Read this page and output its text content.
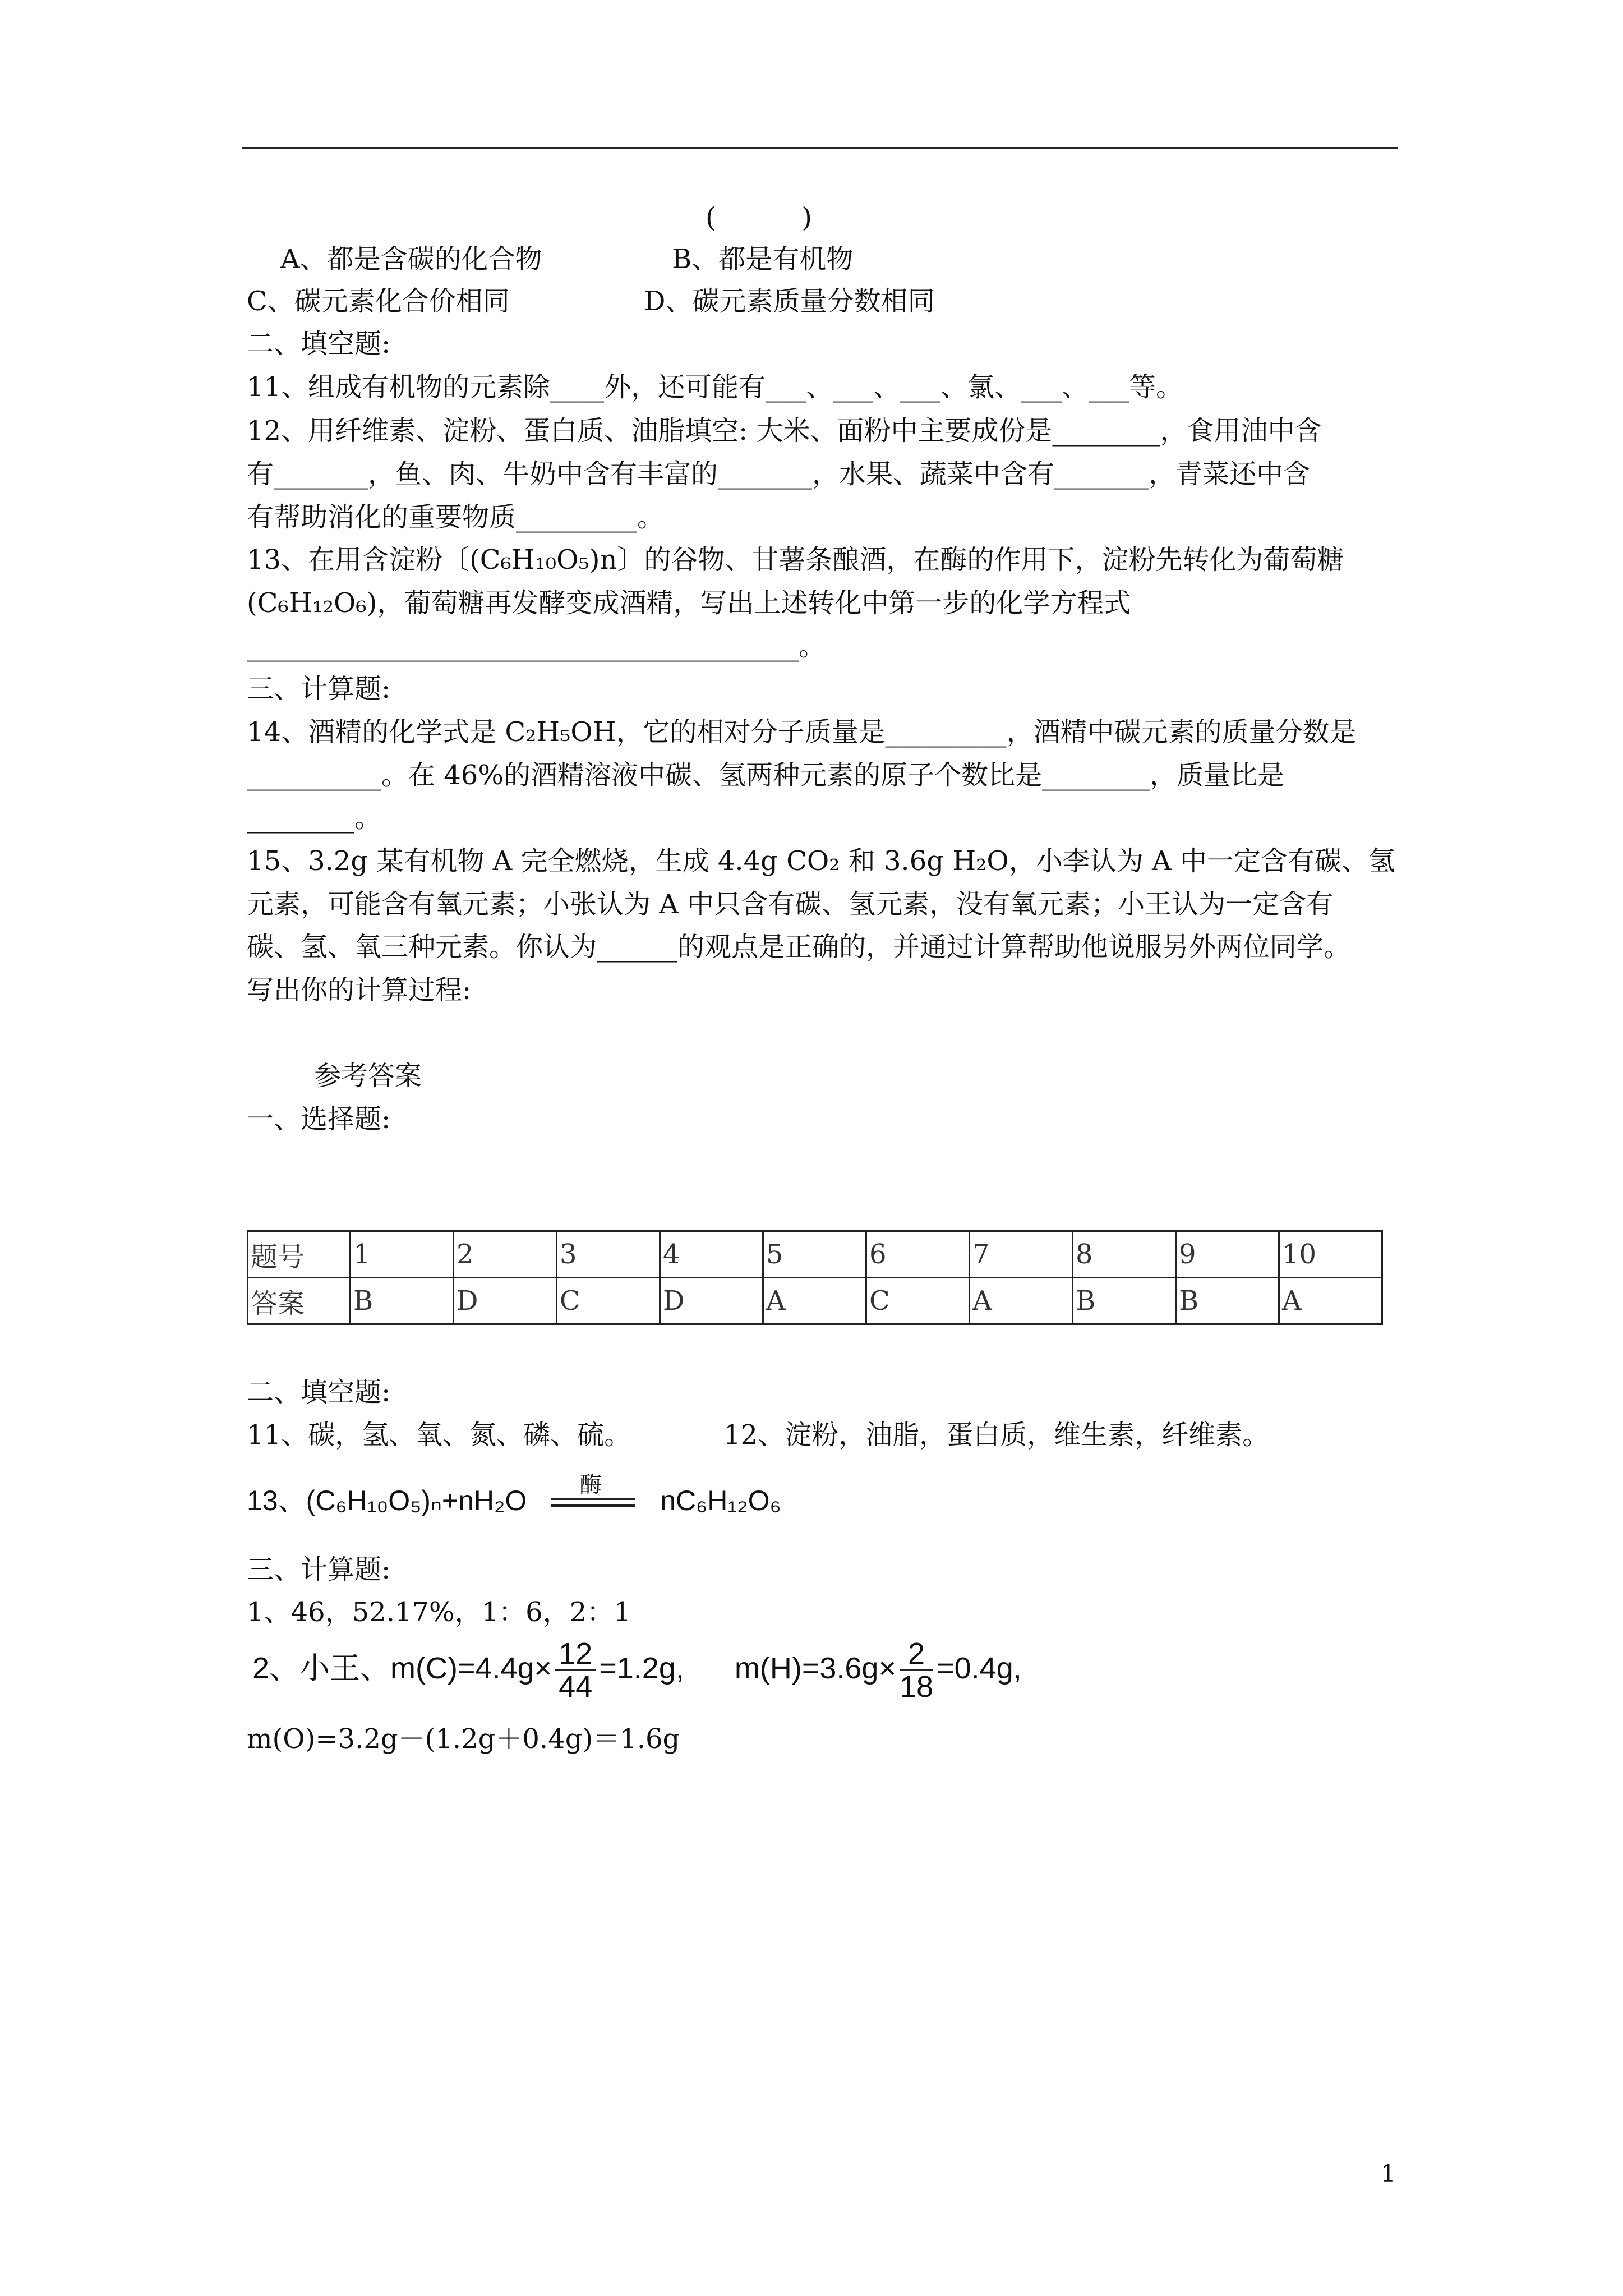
(          )
A、都是含碳的化合物	B、都是有机物
C、碳元素化合价相同	D、碳元素质量分数相同
二、填空题:
11、组成有机物的元素除____外，还可能有___、___、___、氯、___、___等。
12、用纤维素、淀粉、蛋白质、油脂填空: 大米、面粉中主要成份是________，食用油中含
有_______，鱼、肉、牛奶中含有丰富的_______，水果、蔬菜中含有_______，青菜还中含
有帮助消化的重要物质_________。
13、在用含淀粉〔(C₆H₁₀O₅)n〕的谷物、甘薯条酿酒，在酶的作用下，淀粉先转化为葡萄糖
(C₆H₁₂O₆)，葡萄糖再发酵变成酒精，写出上述转化中第一步的化学方程式
_________________________________________。
三、计算题:
14、酒精的化学式是 C₂H₅OH，它的相对分子质量是_________，酒精中碳元素的质量分数是
__________。在 46%的酒精溶液中碳、氢两种元素的原子个数比是________，质量比是
________。
15、3.2g 某有机物 A 完全燃烧，生成 4.4g CO₂ 和 3.6g H₂O，小李认为 A 中一定含有碳、氢
元素，可能含有氧元素；小张认为 A 中只含有碳、氢元素，没有氧元素；小王认为一定含有
碳、氢、氧三种元素。你认为______的观点是正确的，并通过计算帮助他说服另外两位同学。
写出你的计算过程:
参考答案
一、选择题:
题号	1	2	3	4	5	6	7	8	9	10
答案	B	D	C	D	A	C	A	B	B	A
二、填空题:
11、碳，氢、氧、氮、磷、硫。	12、淀粉，油脂，蛋白质，维生素，纤维素。
13、(C₆H₁₀O₅)ₙ+nH₂O
酶
nC₆H₁₂O₆
三、计算题:
1、46，52.17%，1：6，2：1
2、小王、$m(C)=4.4g\times \frac{12}{44} =1.2g$,      $m(H)=3.6g\times \frac{2}{18} =0.4g$,
m(O)=3.2g－(1.2g＋0.4g)＝1.6g
1
